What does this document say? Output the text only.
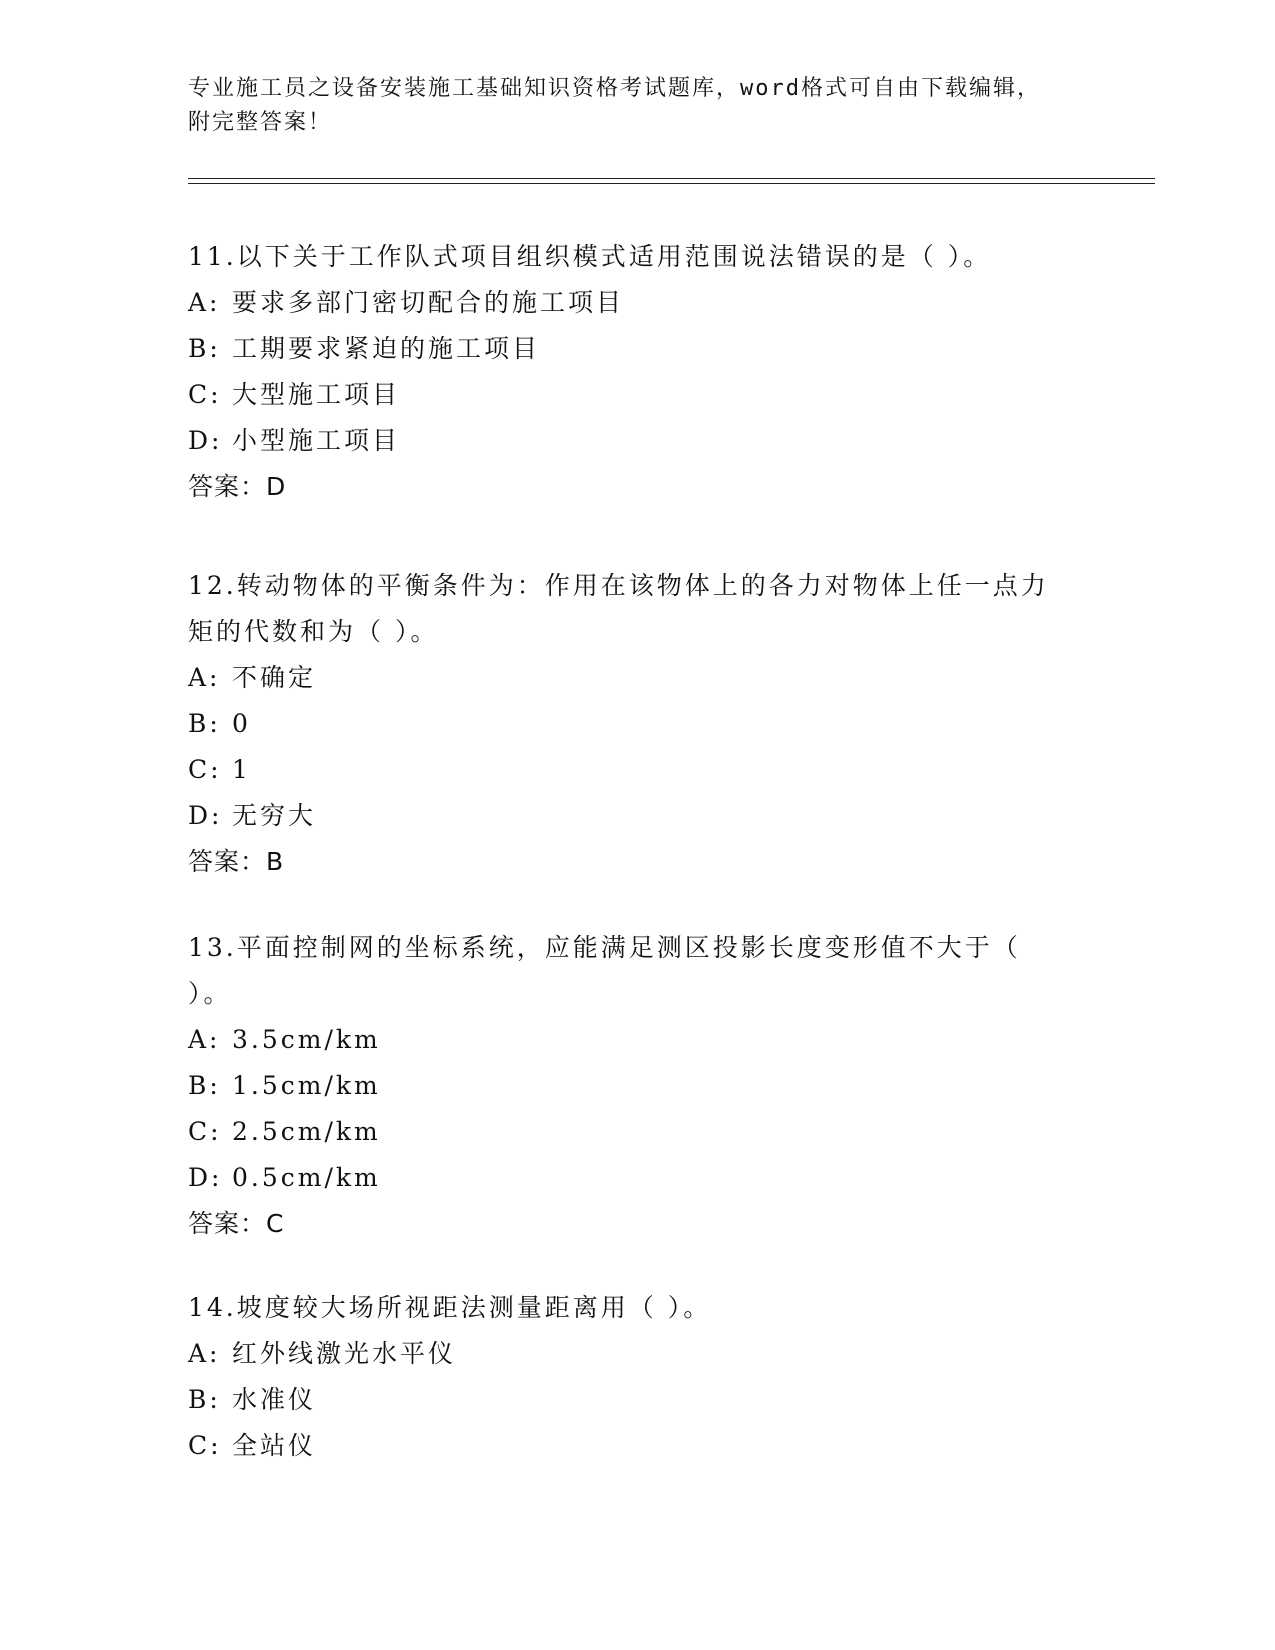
专业施工员之设备安装施工基础知识资格考试题库，word格式可自由下载编辑，
附完整答案！
11.以下关于工作队式项目组织模式适用范围说法错误的是（ ）。
A: 要求多部门密切配合的施工项目
B: 工期要求紧迫的施工项目
C: 大型施工项目
D: 小型施工项目
答案：D
12.转动物体的平衡条件为：作用在该物体上的各力对物体上任一点力
矩的代数和为（ ）。
A: 不确定
B: 0
C: 1
D: 无穷大
答案：B
13.平面控制网的坐标系统，应能满足测区投影长度变形值不大于（
）。
A: 3.5cm/km
B: 1.5cm/km
C: 2.5cm/km
D: 0.5cm/km
答案：C
14.坡度较大场所视距法测量距离用（ ）。
A: 红外线激光水平仪
B: 水准仪
C: 全站仪
